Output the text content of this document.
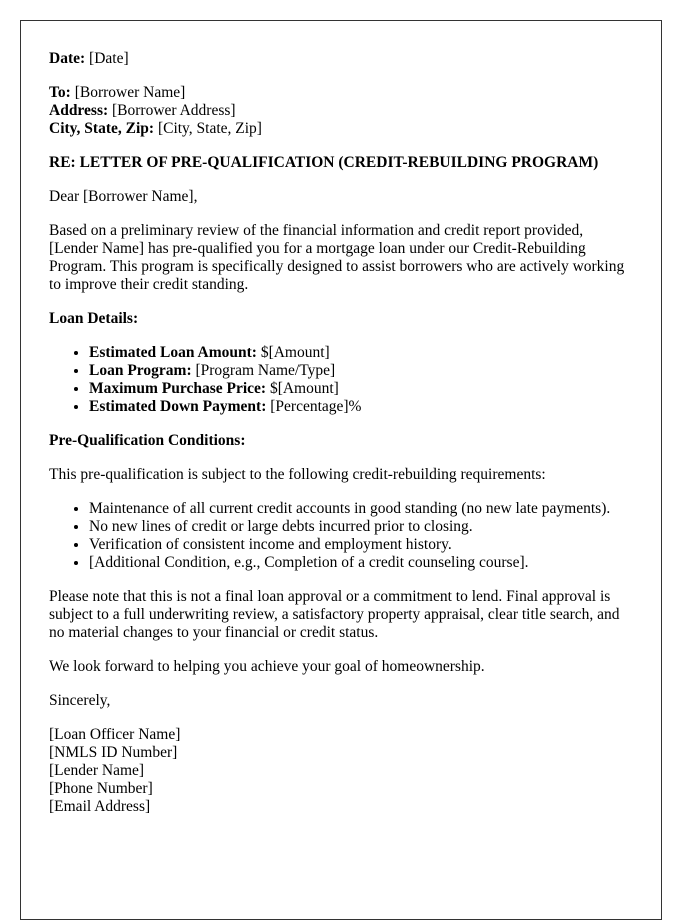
Date: [Date]

To: [Borrower Name]
Address: [Borrower Address]
City, State, Zip: [City, State, Zip]

RE: LETTER OF PRE-QUALIFICATION (CREDIT-REBUILDING PROGRAM)

Dear [Borrower Name],

Based on a preliminary review of the financial information and credit report provided, [Lender Name] has pre-qualified you for a mortgage loan under our Credit-Rebuilding Program. This program is specifically designed to assist borrowers who are actively working to improve their credit standing.

Loan Details:

• Estimated Loan Amount: $[Amount]
• Loan Program: [Program Name/Type]
• Maximum Purchase Price: $[Amount]
• Estimated Down Payment: [Percentage]%

Pre-Qualification Conditions:

This pre-qualification is subject to the following credit-rebuilding requirements:

• Maintenance of all current credit accounts in good standing (no new late payments).
• No new lines of credit or large debts incurred prior to closing.
• Verification of consistent income and employment history.
• [Additional Condition, e.g., Completion of a credit counseling course].

Please note that this is not a final loan approval or a commitment to lend. Final approval is subject to a full underwriting review, a satisfactory property appraisal, clear title search, and no material changes to your financial or credit status.

We look forward to helping you achieve your goal of homeownership.

Sincerely,

[Loan Officer Name]
[NMLS ID Number]
[Lender Name]
[Phone Number]
[Email Address]
